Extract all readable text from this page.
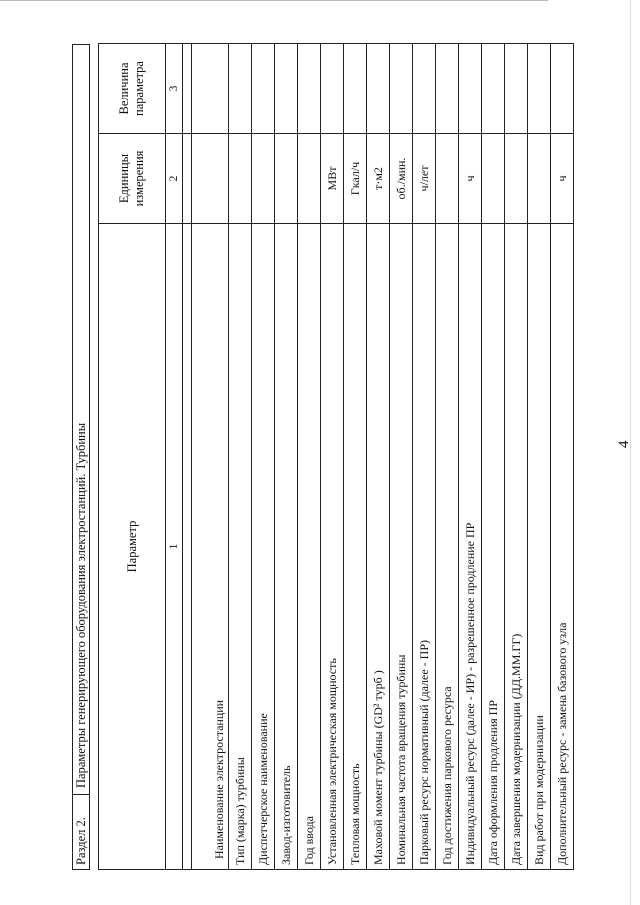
4
Раздел 2.
Параметры генерирующего оборудования электростанций. Турбины	Параметр	Единицы измерения	Величина параметра
1	2	3

Наименование электростанции		
Тип (марка) турбины		
Диспетчерское наименование		
Завод-изготовитель		
Год ввода		
Установленная электрическая мощность	МВт	
Тепловая мощность	Гкал/ч	
Маховой момент турбины (GD² турб )	т·м2	
Номинальная частота вращения турбины	об./мин.	
Парковый ресурс нормативный (далее - ПР)	ч/лет	
Год достижения паркового ресурса		
Индивидуальный ресурс (далее - ИР) - разрешенное продление ПР	ч	
Дата оформления продления ПР		
Дата завершения модернизации (ДД.ММ.ГГ)		
Вид работ при модернизации		
Дополнительный ресурс - замена базового узла	ч	
